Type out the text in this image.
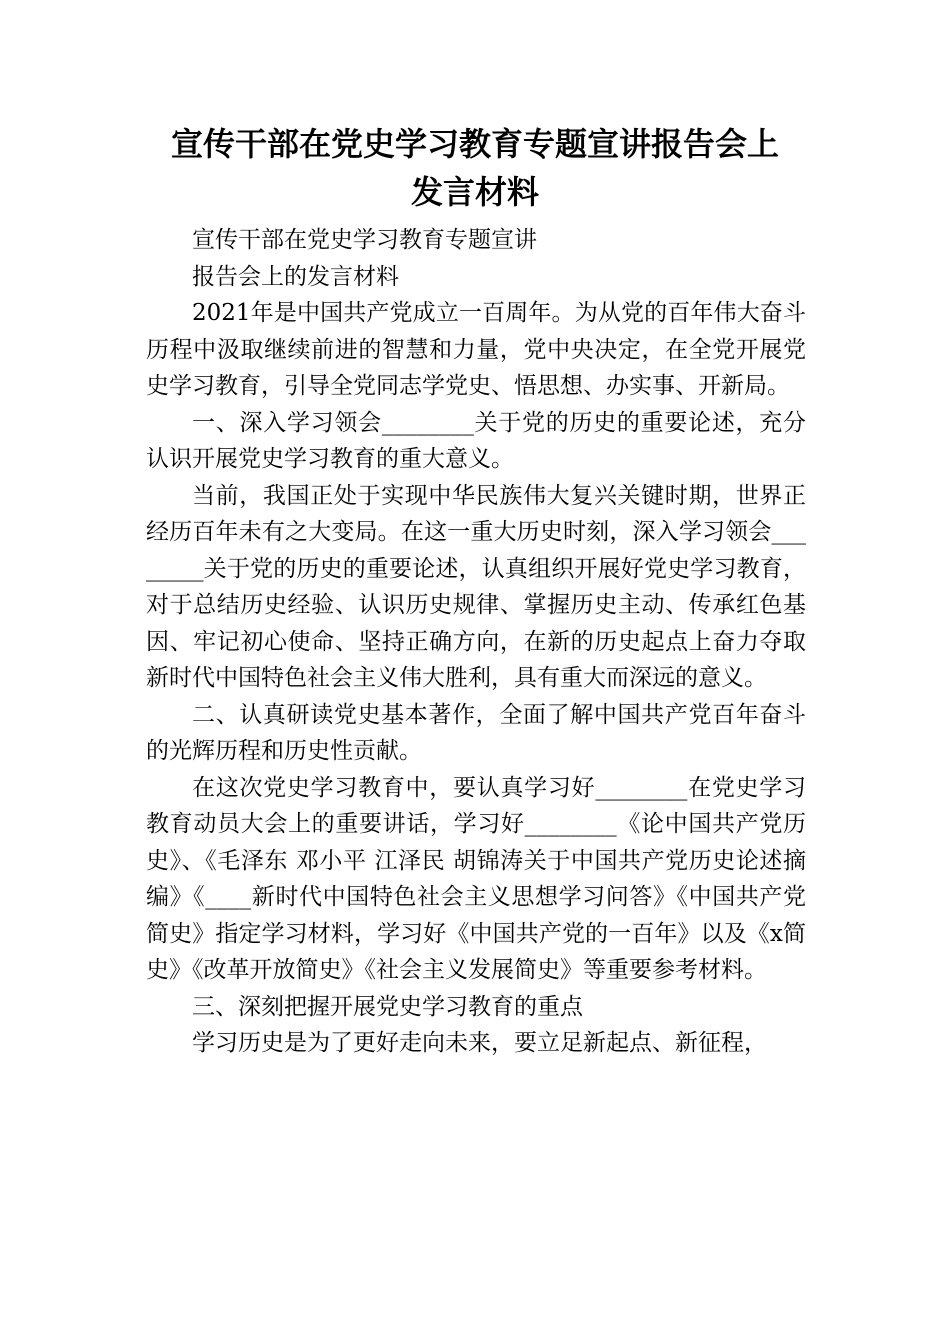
宣传干部在党史学习教育专题宣讲报告会上
发言材料

宣传干部在党史学习教育专题宣讲

报告会上的发言材料

2021年是中国共产党成立一百周年。为从党的百年伟大奋斗历程中汲取继续前进的智慧和力量，党中央决定，在全党开展党史学习教育，引导全党同志学党史、悟思想、办实事、开新局。

一、深入学习领会________关于党的历史的重要论述，充分认识开展党史学习教育的重大意义。

当前，我国正处于实现中华民族伟大复兴关键时期，世界正经历百年未有之大变局。在这一重大历史时刻，深入学习领会________关于党的历史的重要论述，认真组织开展好党史学习教育，对于总结历史经验、认识历史规律、掌握历史主动、传承红色基因、牢记初心使命、坚持正确方向，在新的历史起点上奋力夺取新时代中国特色社会主义伟大胜利，具有重大而深远的意义。

二、认真研读党史基本著作，全面了解中国共产党百年奋斗的光辉历程和历史性贡献。

在这次党史学习教育中，要认真学习好________在党史学习教育动员大会上的重要讲话，学习好________《论中国共产党历史》、《毛泽东 邓小平 江泽民 胡锦涛关于中国共产党历史论述摘编》《____新时代中国特色社会主义思想学习问答》《中国共产党简史》指定学习材料，学习好《中国共产党的一百年》以及《x简史》《改革开放简史》《社会主义发展简史》等重要参考材料。

三、深刻把握开展党史学习教育的重点

学习历史是为了更好走向未来，要立足新起点、新征程，
